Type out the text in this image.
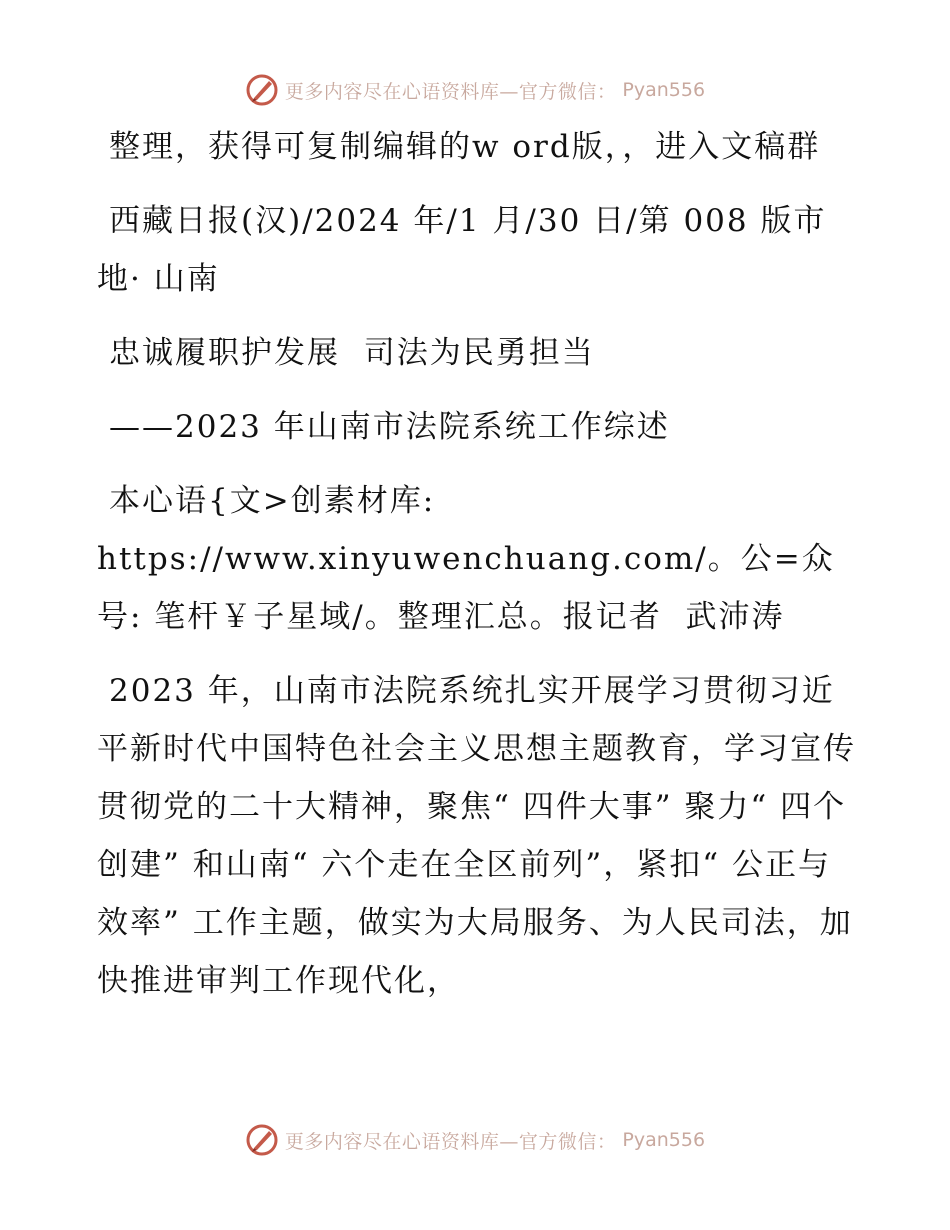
更多内容尽在心语资料库—官方微信： Pyan556

整理，获得可复制编辑的w ord版，，进入文稿群

西藏日报(汉)/2024 年/1 月/30 日/第 008 版市地· 山南

忠诚履职护发展  司法为民勇担当

——2023 年山南市法院系统工作综述

本心语{文>创素材库: https://www.xinyuwenchuang.com/。公=众号: 笔杆￥子星域/。整理汇总。报记者  武沛涛

2023 年，山南市法院系统扎实开展学习贯彻习近平新时代中国特色社会主义思想主题教育，学习宣传贯彻党的二十大精神，聚焦“ 四件大事” 聚力“ 四个创建” 和山南“ 六个走在全区前列”，紧扣“ 公正与效率” 工作主题，做实为大局服务、为人民司法，加快推进审判工作现代化，

更多内容尽在心语资料库—官方微信： Pyan556
